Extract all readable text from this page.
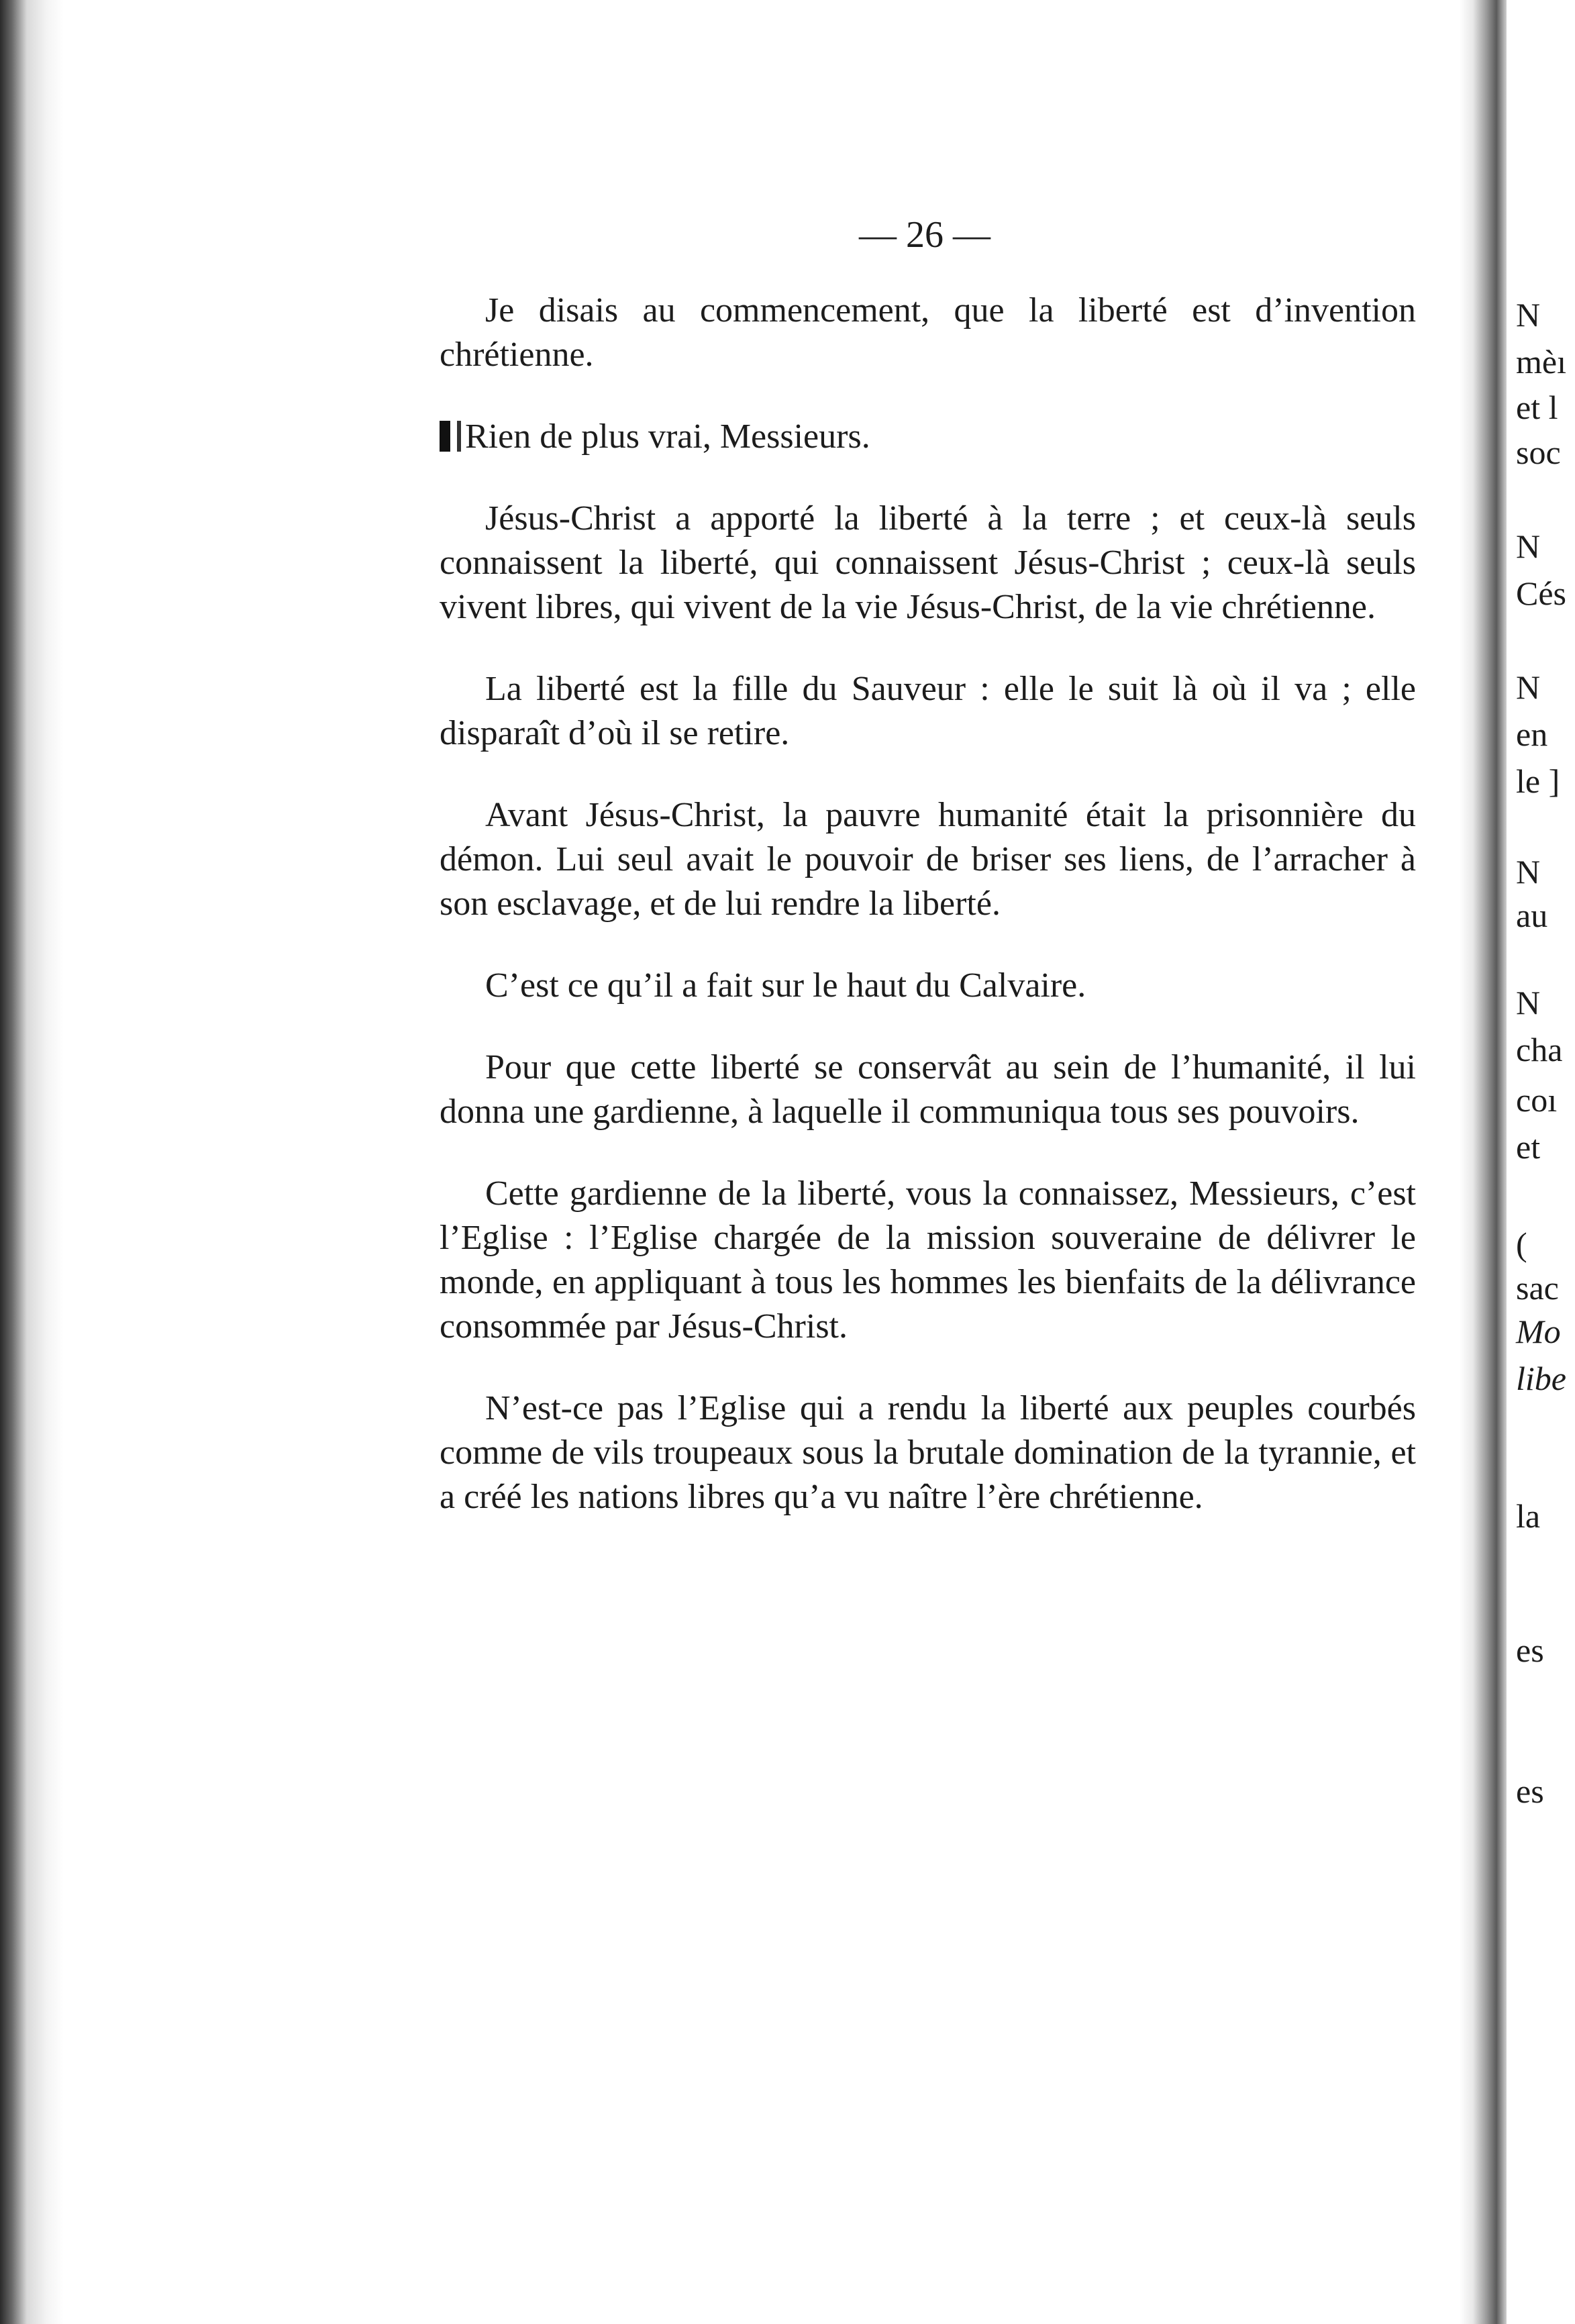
— 26 —

Je disais au commencement, que la liberté est d’invention chrétienne.

Rien de plus vrai, Messieurs.

Jésus-Christ a apporté la liberté à la terre ; et ceux-là seuls connaissent la liberté, qui connaissent Jésus-Christ ; ceux-là seuls vivent libres, qui vivent de la vie Jésus-Christ, de la vie chrétienne.

La liberté est la fille du Sauveur : elle le suit là où il va ; elle disparaît d’où il se retire.

Avant Jésus-Christ, la pauvre humanité était la prisonnière du démon. Lui seul avait le pouvoir de briser ses liens, de l’arracher à son esclavage, et de lui rendre la liberté.

C’est ce qu’il a fait sur le haut du Calvaire.

Pour que cette liberté se conservât au sein de l’humanité, il lui donna une gardienne, à laquelle il communiqua tous ses pouvoirs.

Cette gardienne de la liberté, vous la connaissez, Messieurs, c’est l’Eglise : l’Eglise chargée de la mission souveraine de délivrer le monde, en appliquant à tous les hommes les bienfaits de la délivrance consommée par Jésus-Christ.

N’est-ce pas l’Eglise qui a rendu la liberté aux peuples courbés comme de vils troupeaux sous la brutale domination de la tyrannie, et a créé les nations libres qu’a vu naître l’ère chrétienne.

N
mèı
et l
soc
N
Cés
N
en
le ]
N
au
N
cha
coı
et
(
sac
Mo
libe
la
es
es
